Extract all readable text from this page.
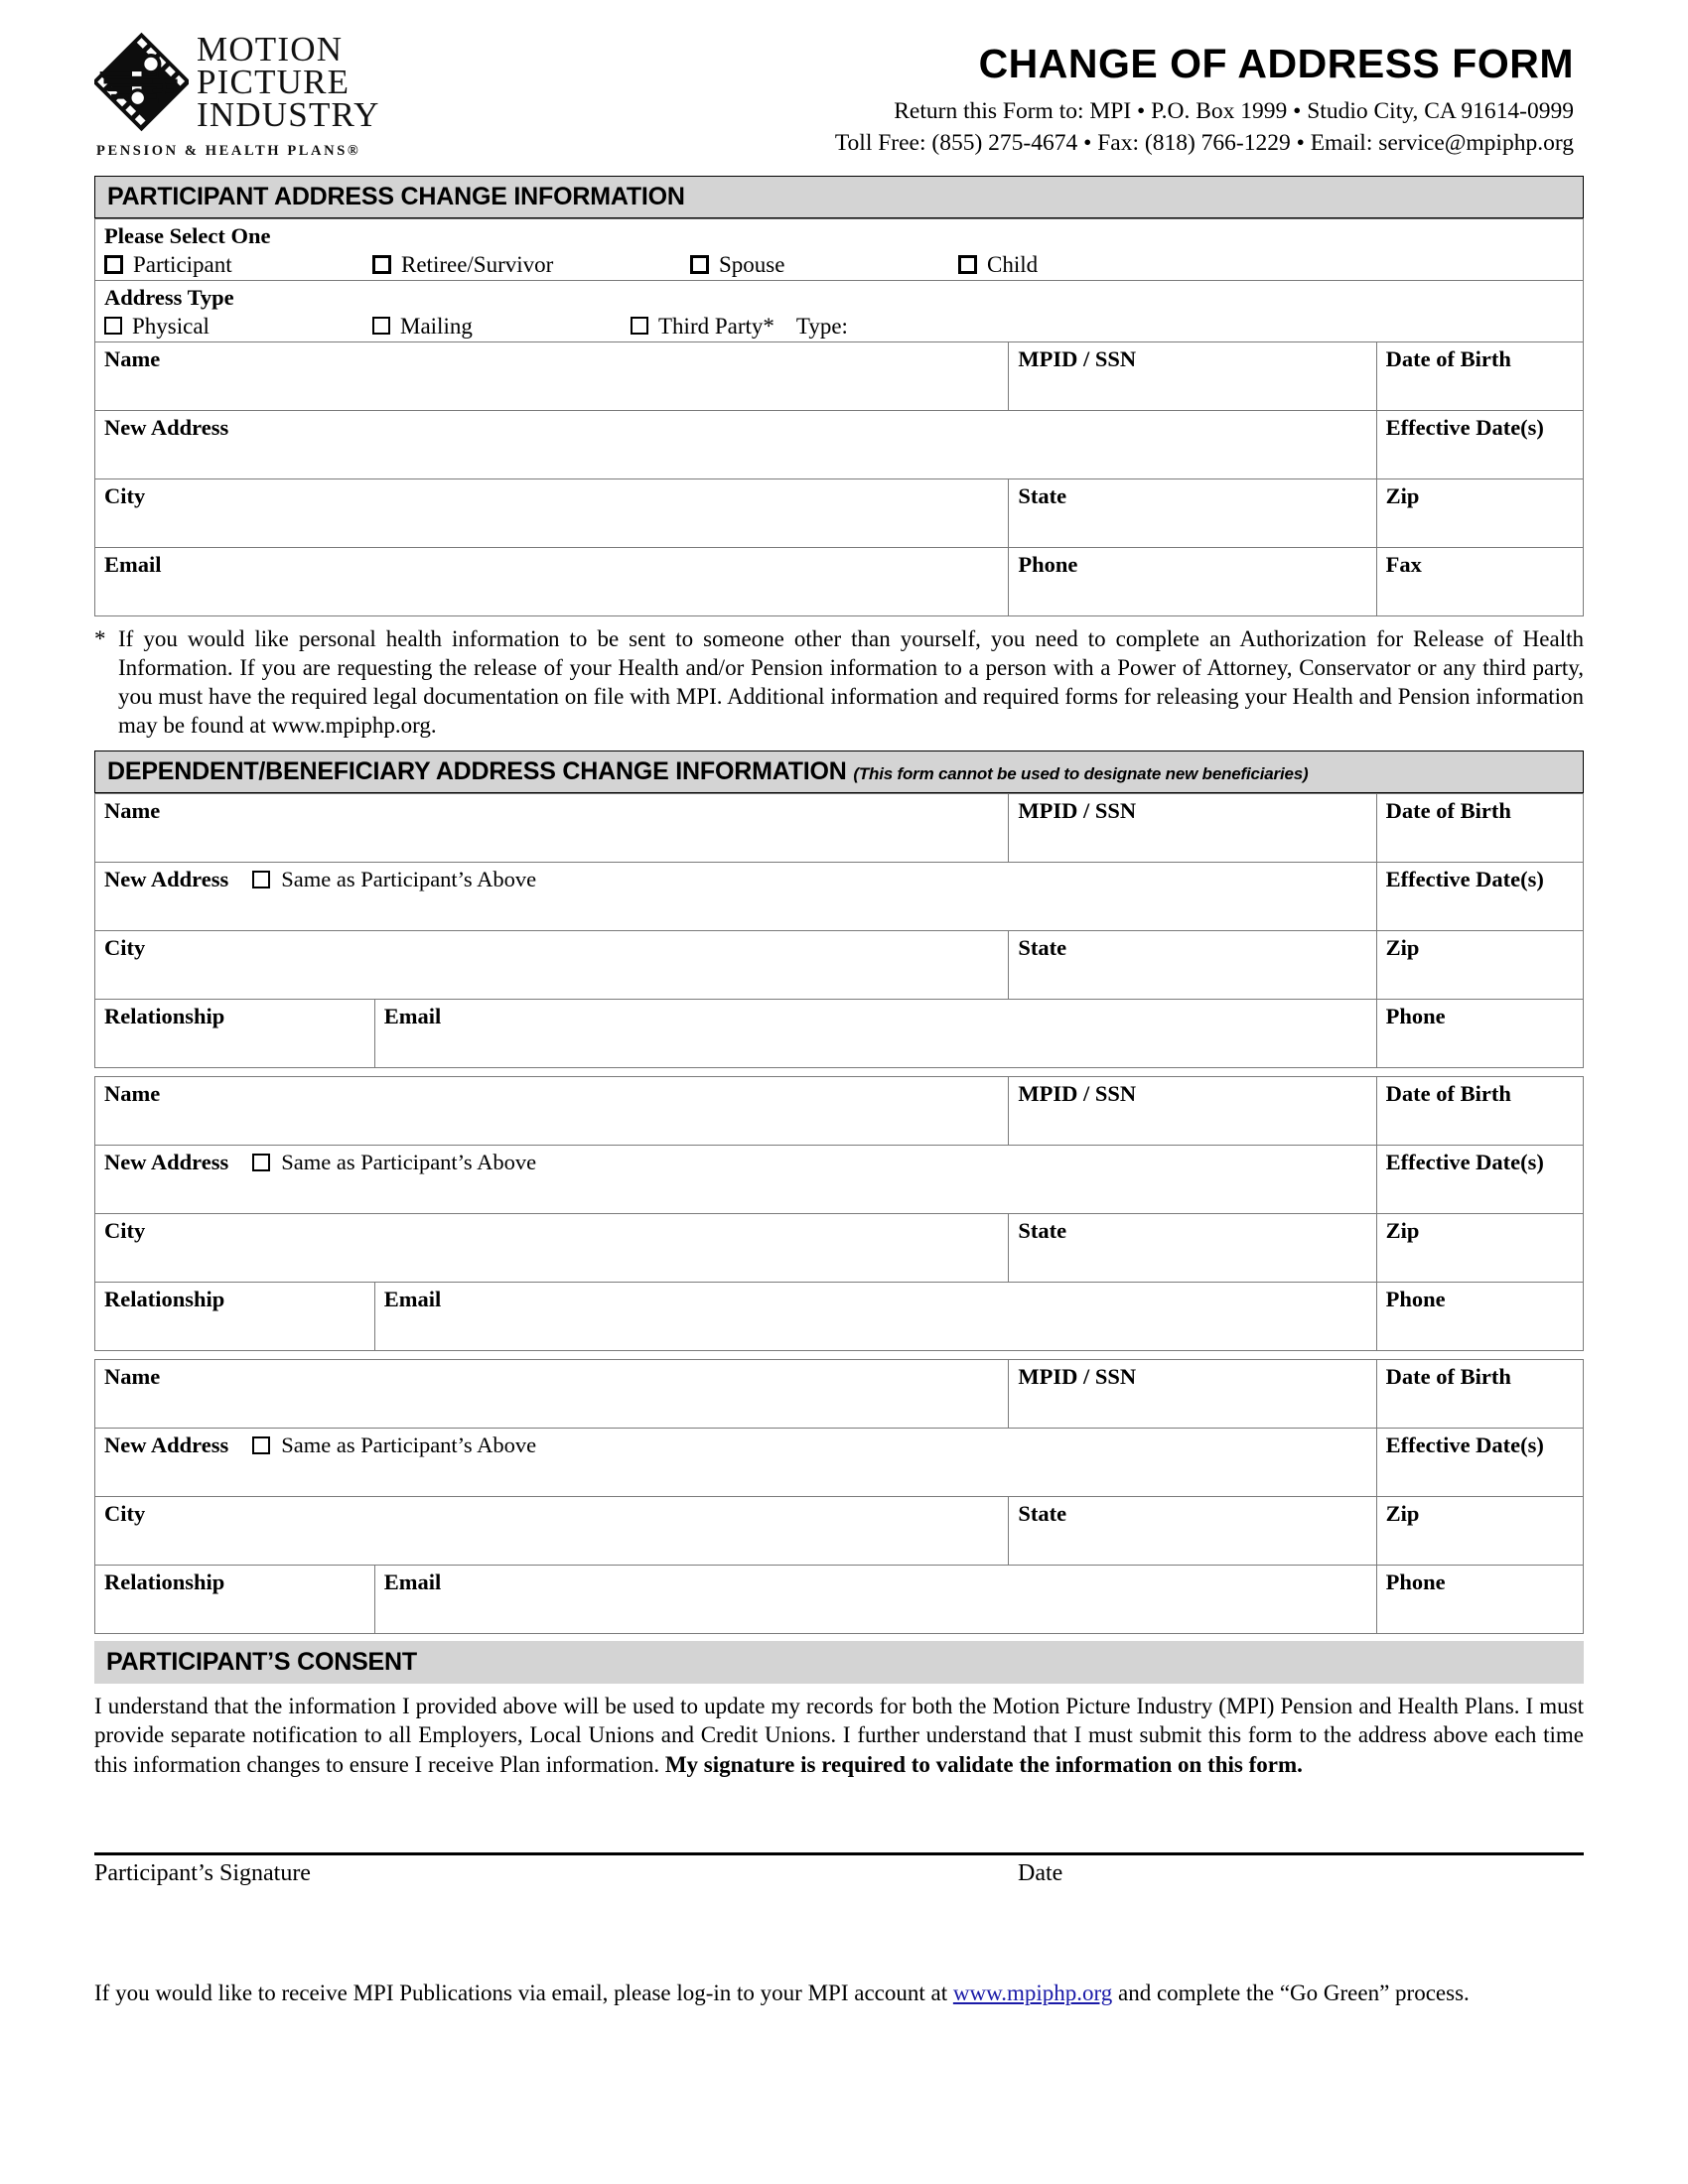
MOTION
PICTURE
INDUSTRY
PENSION & HEALTH PLANS®
CHANGE OF ADDRESS FORM
Return this Form to: MPI • P.O. Box 1999 • Studio City, CA 91614-0999
Toll Free: (855) 275-4674 • Fax: (818) 766-1229 • Email: service@mpiphp.org
PARTICIPANT ADDRESS CHANGE INFORMATION
Please Select One
Participant Retiree/Survivor Spouse Child		

Address Type
Physical Mailing Third Party* Type:		

Name	MPID / SSN	Date of Birth
New Address		Effective Date(s)
City	State	Zip
Email	Phone	Fax
* If you would like personal health information to be sent to someone other than yourself, you need to complete an Authorization for Release of Health Information. If you are requesting the release of your Health and/or Pension information to a person with a Power of Attorney, Conservator or any third party, you must have the required legal documentation on file with MPI. Additional information and required forms for releasing your Health and Pension information may be found at www.mpiphp.org.
DEPENDENT/BENEFICIARY ADDRESS CHANGE INFORMATION (This form cannot be used to designate new beneficiaries)
Name		MPID / SSN	Date of Birth

New Address Same as Participant’s Above			Effective Date(s)
City		State	Zip
Relationship	Email		Phone
Name		MPID / SSN	Date of Birth

New Address Same as Participant’s Above			Effective Date(s)
City		State	Zip
Relationship	Email		Phone
Name		MPID / SSN	Date of Birth

New Address Same as Participant’s Above			Effective Date(s)
City		State	Zip
Relationship	Email		Phone
PARTICIPANT’S CONSENT

I understand that the information I provided above will be used to update my records for both the Motion Picture Industry (MPI) Pension and Health Plans. I must provide separate notification to all Employers, Local Unions and Credit Unions. I further understand that I must submit this form to the address above each time this information changes to ensure I receive Plan information. My signature is required to validate the information on this form.

Participant’s Signature	Date

If you would like to receive MPI Publications via email, please log-in to your MPI account at www.mpiphp.org and complete the “Go Green” process.
